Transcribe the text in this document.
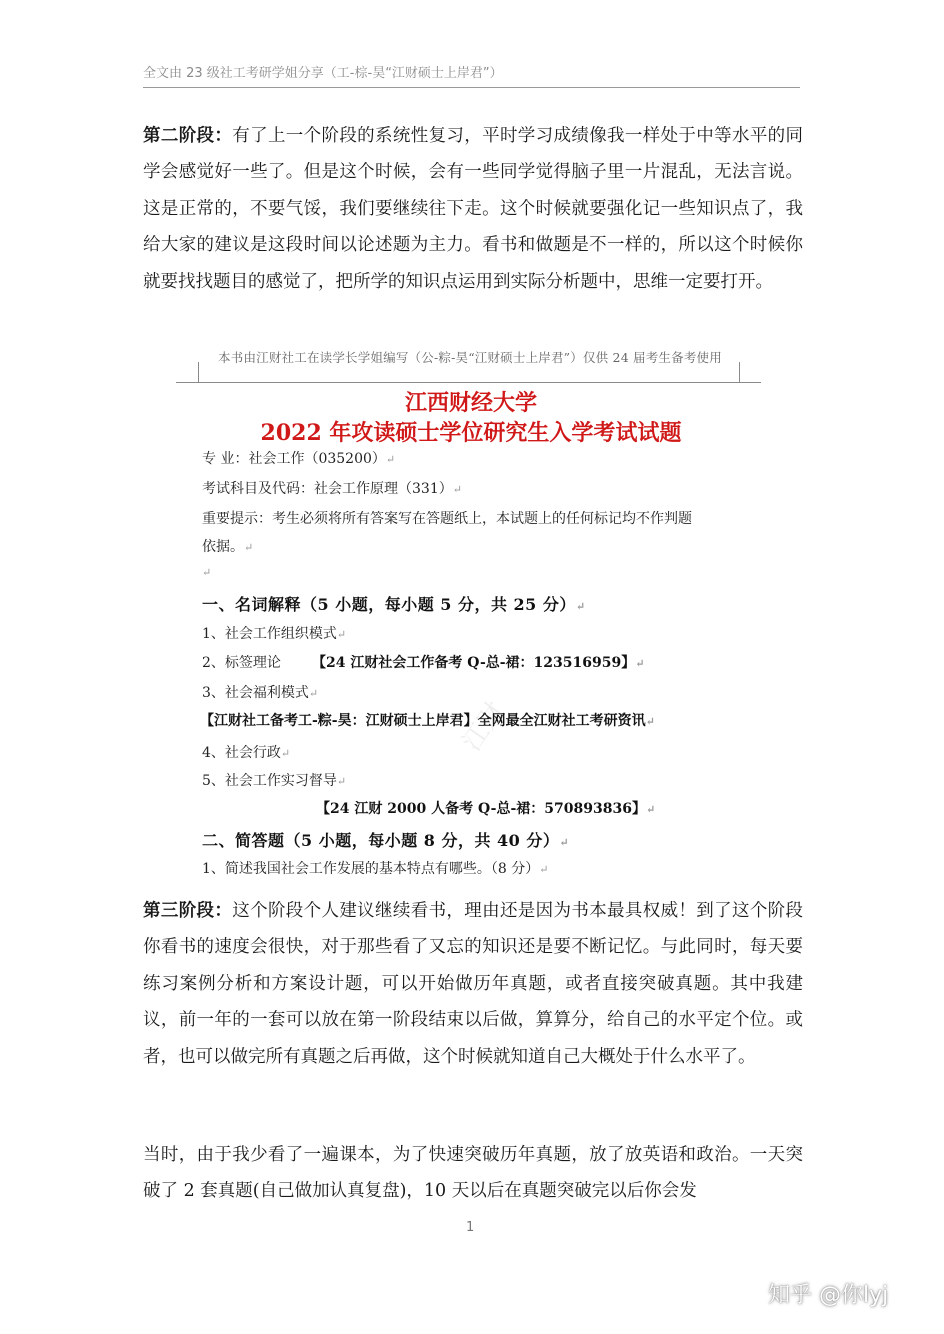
全文由 23 级社工考研学姐分享（工-棕-昊“江财硕士上岸君”）
第二阶段：有了上一个阶段的系统性复习，平时学习成绩像我一样处于中等水平的同学会感觉好一些了。但是这个时候，会有一些同学觉得脑子里一片混乱，无法言说。这是正常的，不要气馁，我们要继续往下走。这个时候就要强化记一些知识点了，我给大家的建议是这段时间以论述题为主力。看书和做题是不一样的，所以这个时候你就要找找题目的感觉了，把所学的知识点运用到实际分析题中，思维一定要打开。
本书由江财社工在读学长学姐编写（公-粽-昊“江财硕士上岸君”）仅供 24 届考生备考使用
江西财经大学
2022 年攻读硕士学位研究生入学考试试题
专 业：社会工作（035200）↵
考试科目及代码：社会工作原理（331）↵
重要提示：考生必须将所有答案写在答题纸上，本试题上的任何标记均不作判题
依据。↵
↵
一、名词解释（5 小题，每小题 5 分，共 25 分）↵
1、社会工作组织模式↵
2、标签理论 【24 江财社会工作备考 Q-总-裙：123516959】↵
3、社会福利模式↵
【江财社工备考工-粽-昊：江财硕士上岸君】全网最全江财社工考研资讯↵
4、社会行政↵
5、社会工作实习督导↵
【24 江财 2000 人备考 Q-总-裙：570893836】↵
二、简答题（5 小题，每小题 8 分，共 40 分）↵
1、简述我国社会工作发展的基本特点有哪些。（8 分）↵
江财
第三阶段：这个阶段个人建议继续看书，理由还是因为书本最具权威！到了这个阶段你看书的速度会很快，对于那些看了又忘的知识还是要不断记忆。与此同时，每天要练习案例分析和方案设计题，可以开始做历年真题，或者直接突破真题。其中我建议，前一年的一套可以放在第一阶段结束以后做，算算分，给自己的水平定个位。或者，也可以做完所有真题之后再做，这个时候就知道自己大概处于什么水平了。
当时，由于我少看了一遍课本，为了快速突破历年真题，放了放英语和政治。一天突破了 2 套真题(自己做加认真复盘)，10 天以后在真题突破完以后你会发
1
知乎 @你lyj
